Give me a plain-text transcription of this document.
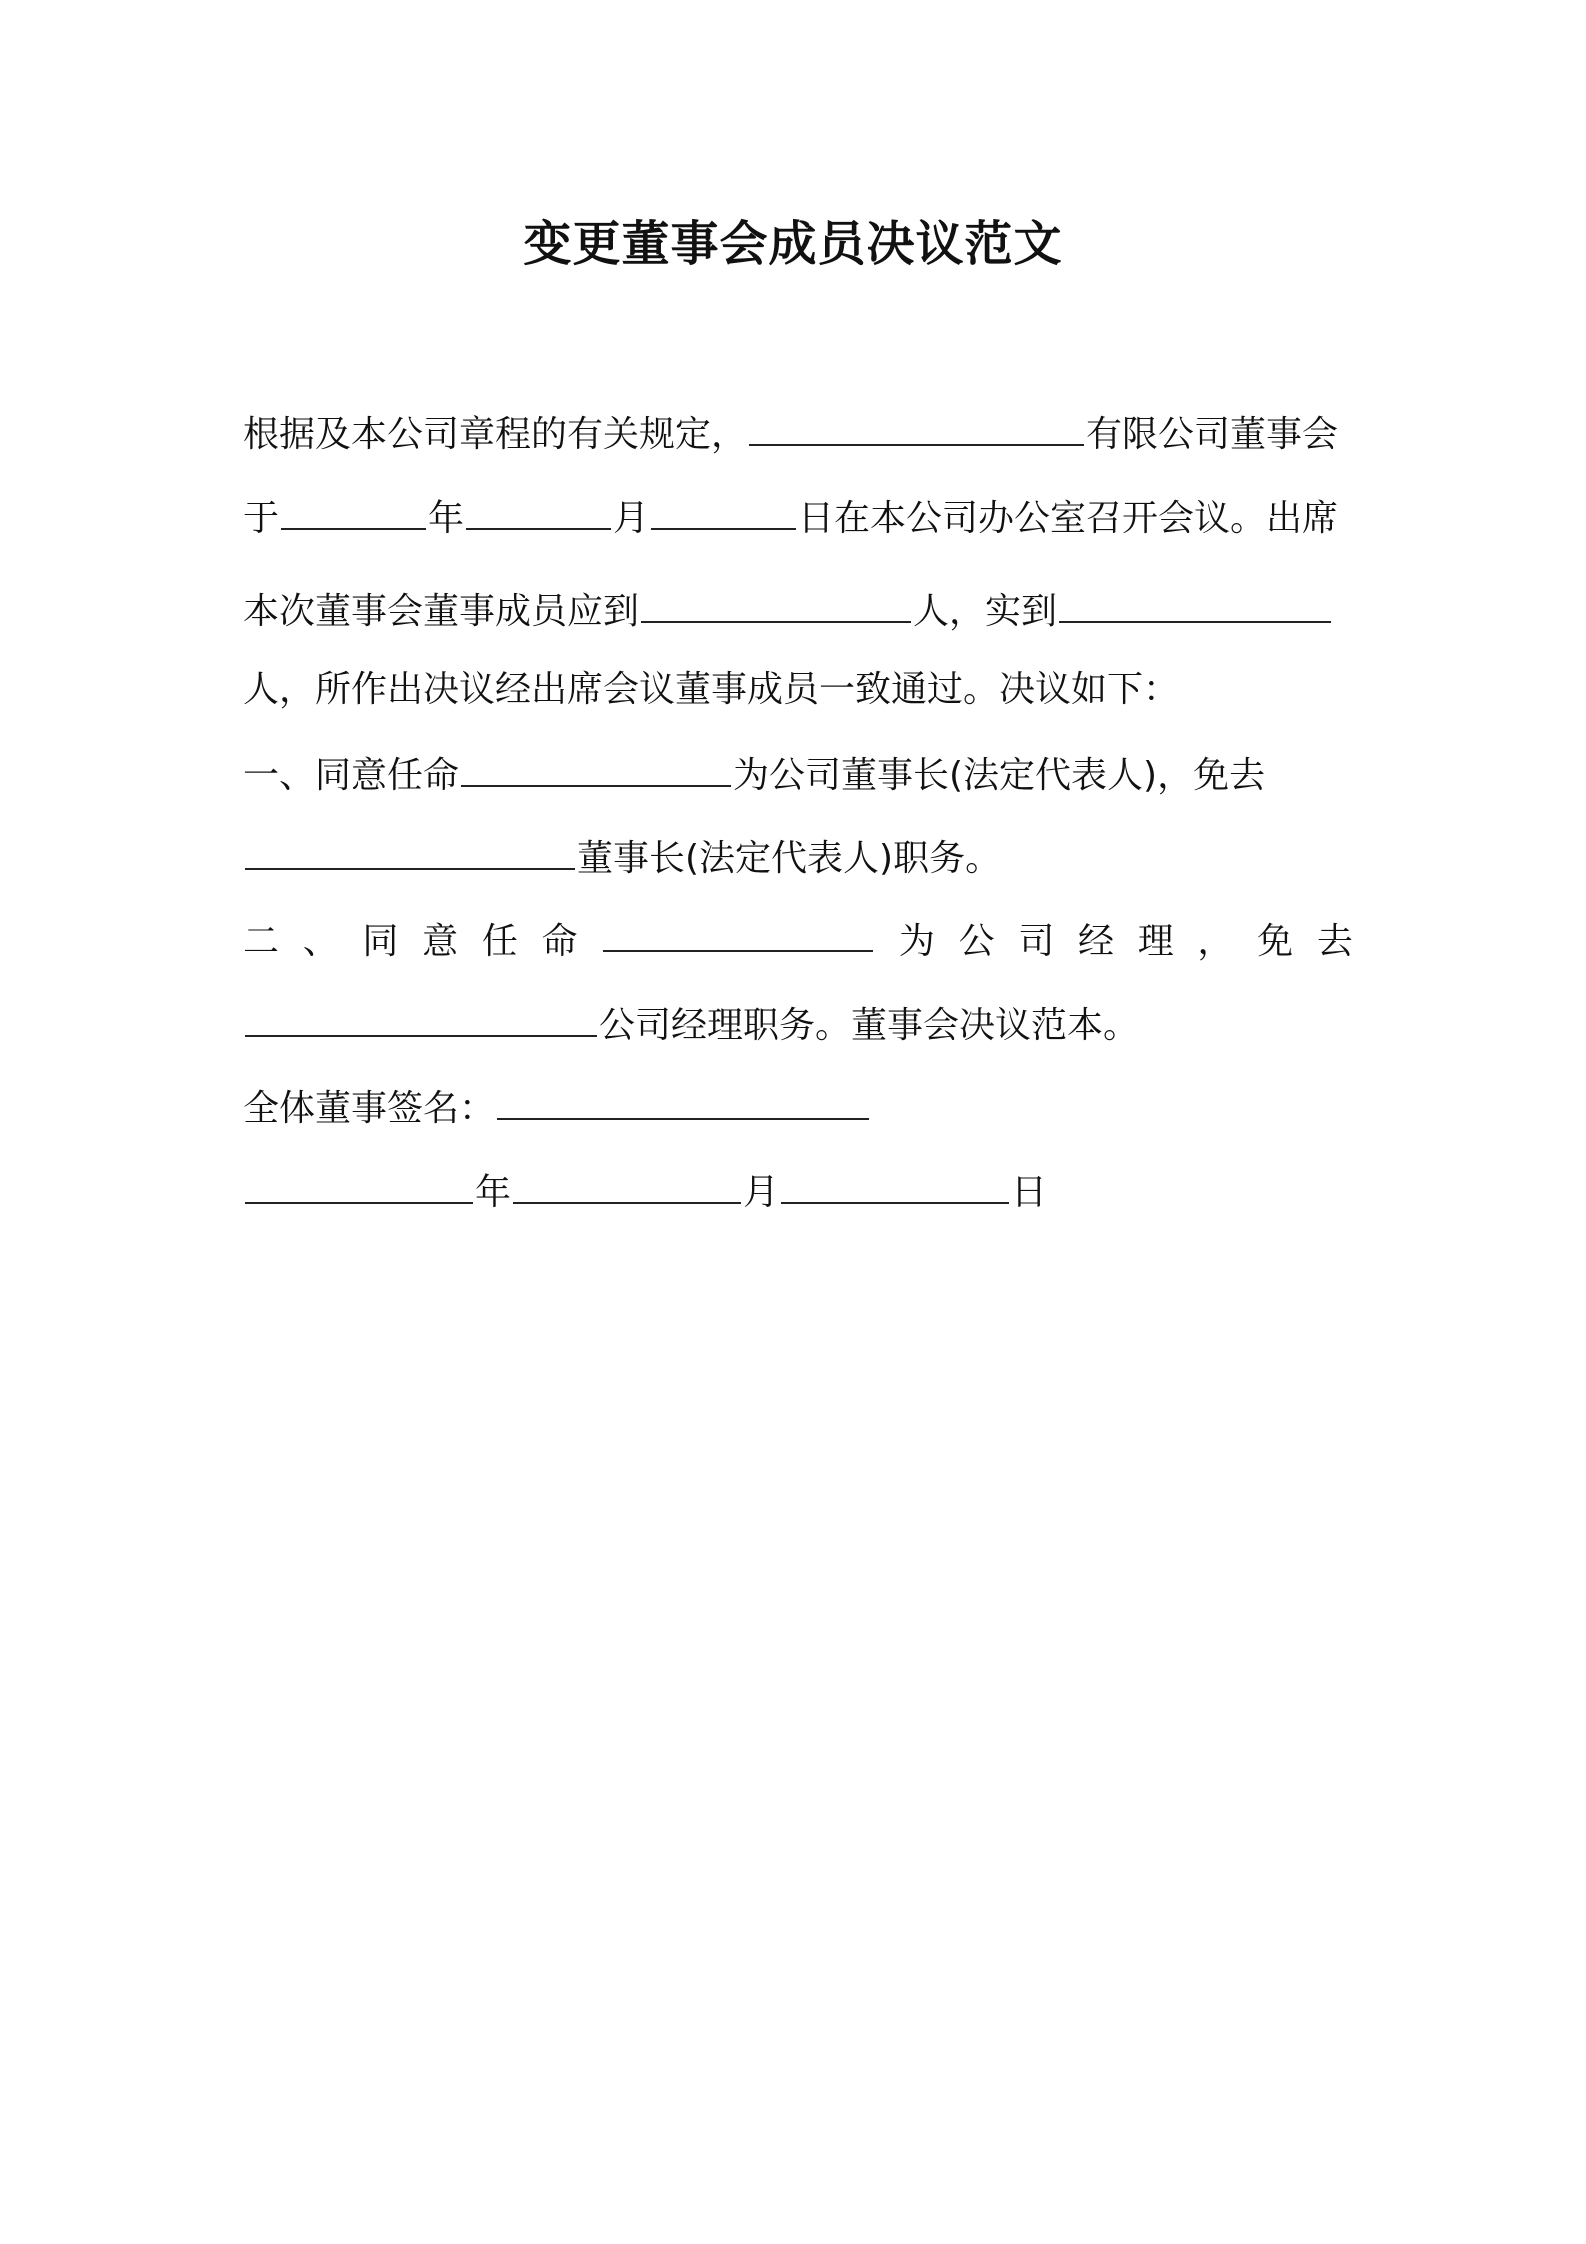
变更董事会成员决议范文
根据及本公司章程的有关规定，	有限公司董事会
于	年	月	日在本公司办公室召开会议。出席
本次董事会董事成员应到	人，实到
人，所作出决议经出席会议董事成员一致通过。决议如下：
一、同意任命	为公司董事长(法定代表人)，免去
董事长(法定代表人)职务。
二 、 同 意 任 命	为 公 司 经 理 ， 免 去
公司经理职务。董事会决议范本。
全体董事签名：
年	月	日
